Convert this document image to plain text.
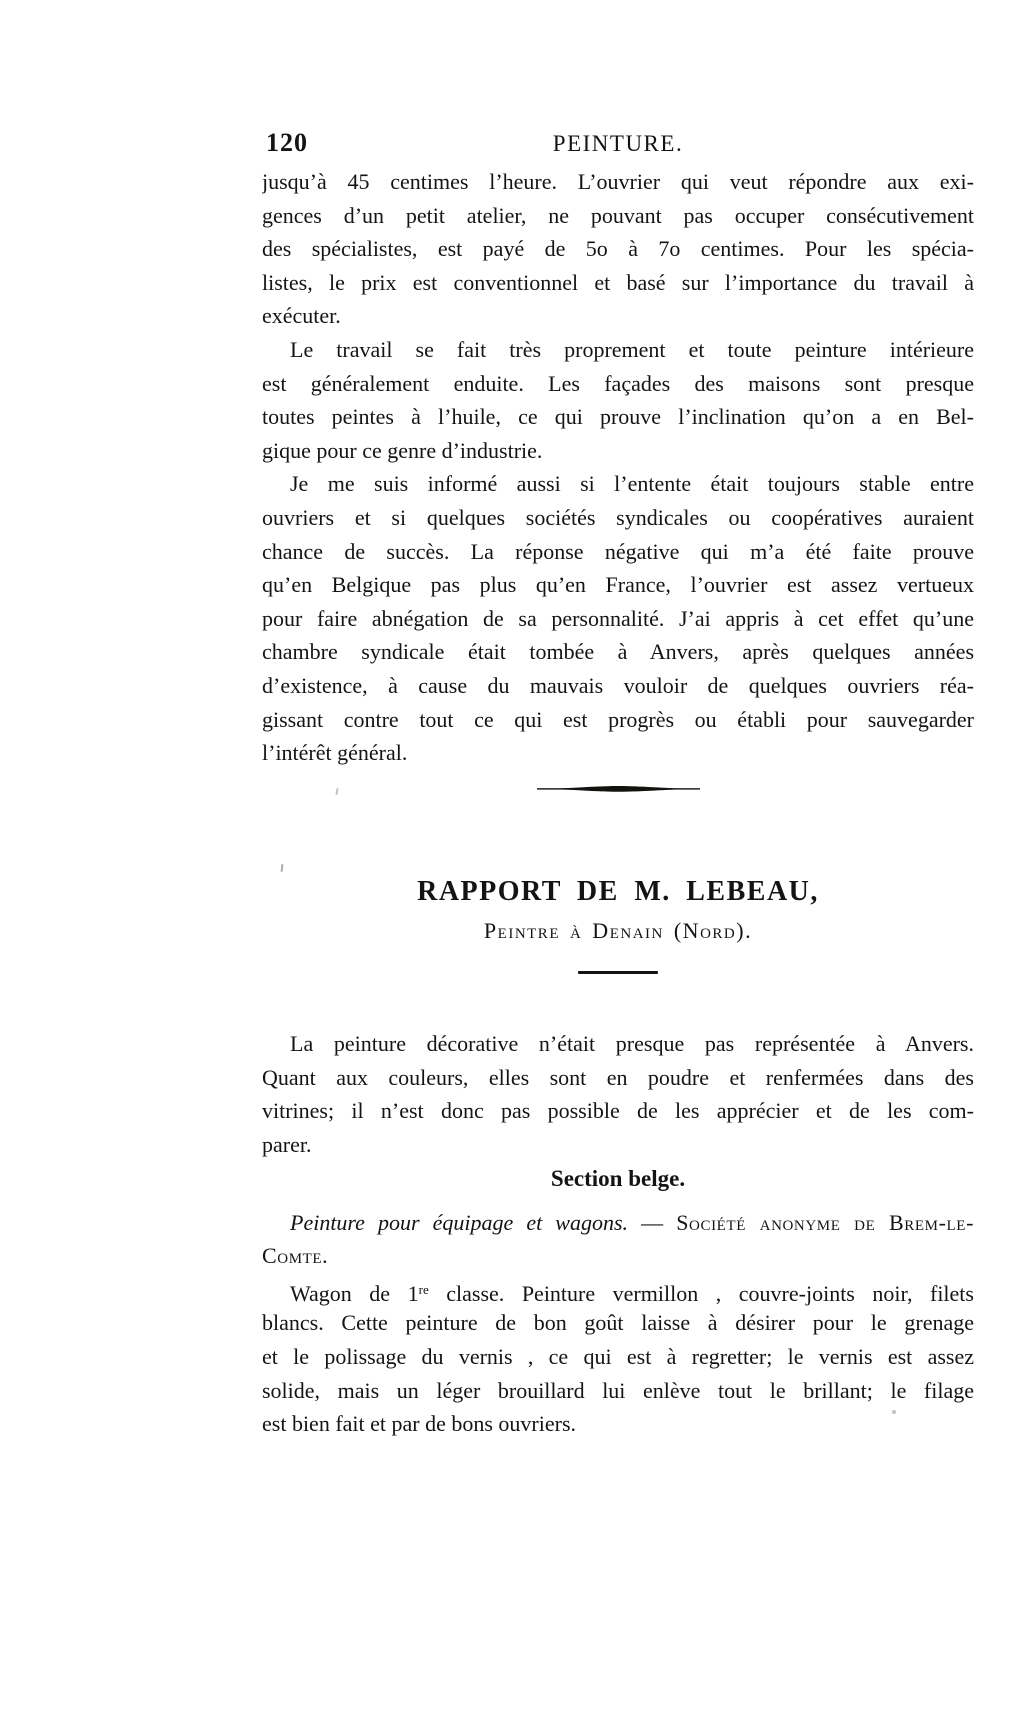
120	PEINTURE.
jusqu’à 45 centimes l’heure. L’ouvrier qui veut répondre aux exi-
gences d’un petit atelier, ne pouvant pas occuper consécutivement
des spécialistes, est payé de 5o à 7o centimes. Pour les spécia-
listes, le prix est conventionnel et basé sur l’importance du travail à
exécuter.
Le travail se fait très proprement et toute peinture intérieure
est généralement enduite. Les façades des maisons sont presque
toutes peintes à l’huile, ce qui prouve l’inclination qu’on a en Bel-
gique pour ce genre d’industrie.
Je me suis informé aussi si l’entente était toujours stable entre
ouvriers et si quelques sociétés syndicales ou coopératives auraient
chance de succès. La réponse négative qui m’a été faite prouve
qu’en Belgique pas plus qu’en France, l’ouvrier est assez vertueux
pour faire abnégation de sa personnalité. J’ai appris à cet effet qu’une
chambre syndicale était tombée à Anvers, après quelques années
d’existence, à cause du mauvais vouloir de quelques ouvriers réa-
gissant contre tout ce qui est progrès ou établi pour sauvegarder
l’intérêt général.
RAPPORT DE M. LEBEAU,
Peintre à Denain (Nord).
La peinture décorative n’était presque pas représentée à Anvers.
Quant aux couleurs, elles sont en poudre et renfermées dans des
vitrines; il n’est donc pas possible de les apprécier et de les com-
parer.
Section belge.
Peinture pour équipage et wagons. — Société anonyme de Brem-le-
Comte.
Wagon de 1re classe. Peinture vermillon , couvre-joints noir, filets
blancs. Cette peinture de bon goût laisse à désirer pour le grenage
et le polissage du vernis , ce qui est à regretter; le vernis est assez
solide, mais un léger brouillard lui enlève tout le brillant; le filage
est bien fait et par de bons ouvriers.
